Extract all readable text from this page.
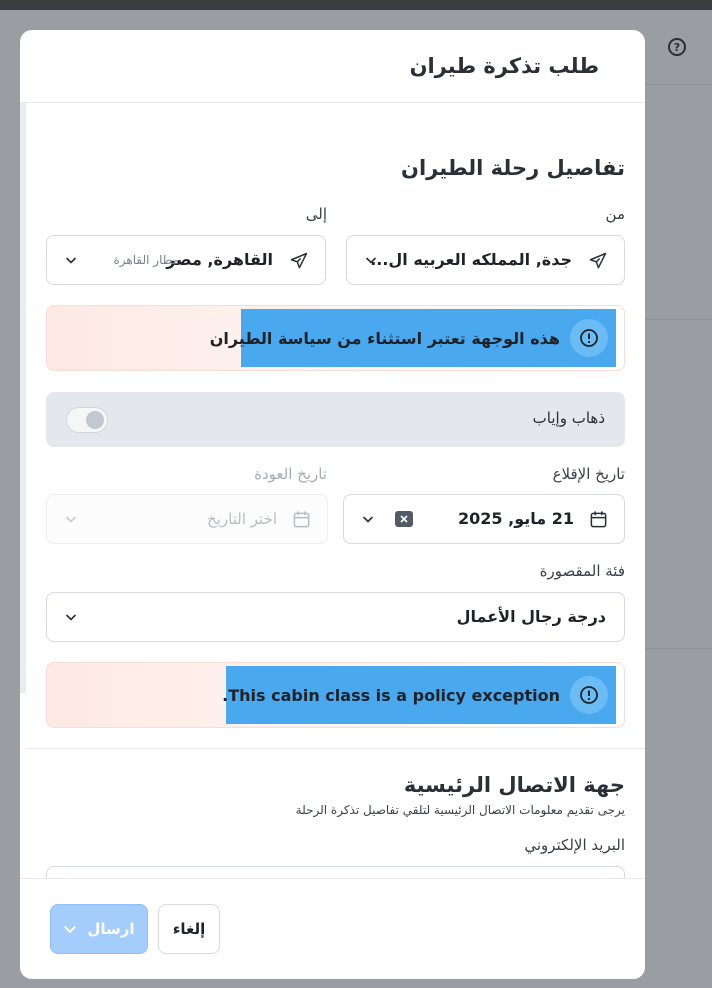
?
طلب تذكرة طيران
تفاصيل رحلة الطيران
من
إلى
جدة, المملكه العربيه ال...
القاهرة, مصر
مطار القاهرة
هذه الوجهة تعتبر استثناء من سياسة الطيران
ذهاب وإياب
تاريخ الإقلاع
تاريخ العودة
21 مايو, 2025
اختر التاريخ
فئة المقصورة
درجة رجال الأعمال
This cabin class is a policy exception.
جهة الاتصال الرئيسية
يرجى تقديم معلومات الاتصال الرئيسية لتلقي تفاصيل تذكرة الرحلة
البريد الإلكتروني
إلغاء
ارسال
